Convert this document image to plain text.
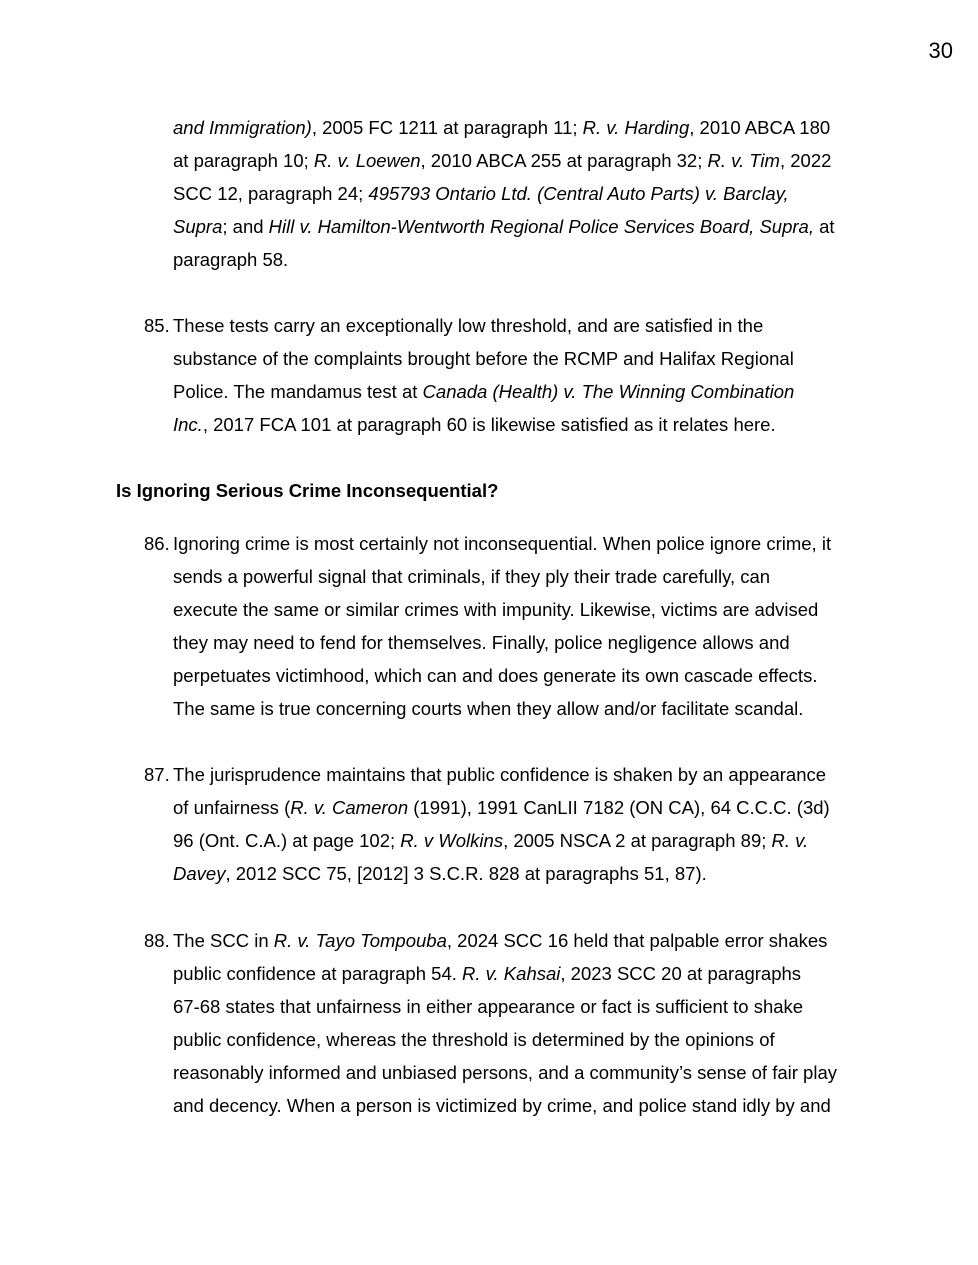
30
and Immigration), 2005 FC 1211 at paragraph 11; R. v. Harding, 2010 ABCA 180
at paragraph 10; R. v. Loewen, 2010 ABCA 255 at paragraph 32; R. v. Tim, 2022
SCC 12, paragraph 24; 495793 Ontario Ltd. (Central Auto Parts) v. Barclay,
Supra; and Hill v. Hamilton-Wentworth Regional Police Services Board, Supra, at
paragraph 58.
85. These tests carry an exceptionally low threshold, and are satisfied in the
substance of the complaints brought before the RCMP and Halifax Regional
Police. The mandamus test at Canada (Health) v. The Winning Combination
Inc., 2017 FCA 101 at paragraph 60 is likewise satisfied as it relates here.
Is Ignoring Serious Crime Inconsequential?
86. Ignoring crime is most certainly not inconsequential. When police ignore crime, it
sends a powerful signal that criminals, if they ply their trade carefully, can
execute the same or similar crimes with impunity. Likewise, victims are advised
they may need to fend for themselves. Finally, police negligence allows and
perpetuates victimhood, which can and does generate its own cascade effects.
The same is true concerning courts when they allow and/or facilitate scandal.
87. The jurisprudence maintains that public confidence is shaken by an appearance
of unfairness (R. v. Cameron (1991), 1991 CanLII 7182 (ON CA), 64 C.C.C. (3d)
96 (Ont. C.A.) at page 102; R. v Wolkins, 2005 NSCA 2 at paragraph 89; R. v.
Davey, 2012 SCC 75, [2012] 3 S.C.R. 828 at paragraphs 51, 87).
88. The SCC in R. v. Tayo Tompouba, 2024 SCC 16 held that palpable error shakes
public confidence at paragraph 54. R. v. Kahsai, 2023 SCC 20 at paragraphs
67-68 states that unfairness in either appearance or fact is sufficient to shake
public confidence, whereas the threshold is determined by the opinions of
reasonably informed and unbiased persons, and a community’s sense of fair play
and decency. When a person is victimized by crime, and police stand idly by and
